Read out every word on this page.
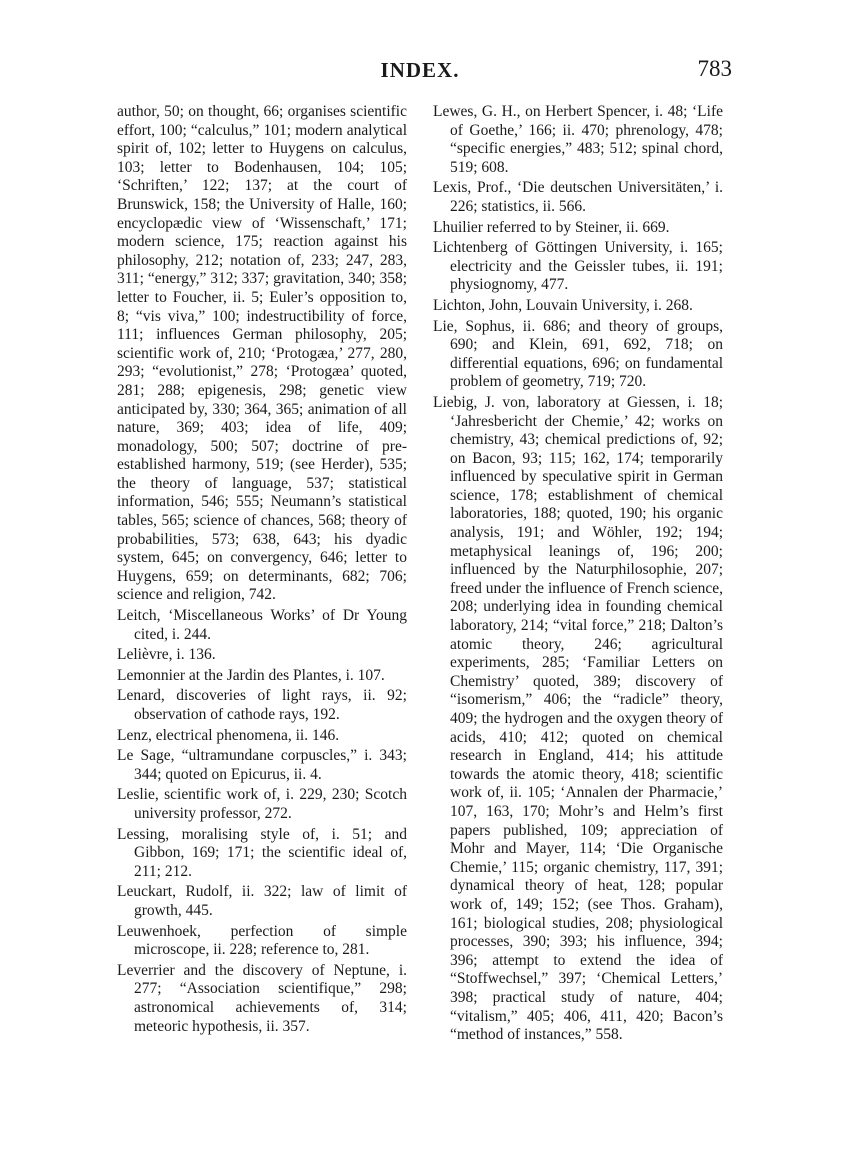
INDEX.	783

author, 50; on thought, 66; organises scientific effort, 100; “calculus,” 101; modern analytical spirit of, 102; letter to Huygens on calculus, 103; letter to Bodenhausen, 104; 105; ‘Schriften,’ 122; 137; at the court of Brunswick, 158; the University of Halle, 160; encyclopædic view of ‘Wissenschaft,’ 171; modern science, 175; reaction against his philosophy, 212; notation of, 233; 247, 283, 311; “energy,” 312; 337; gravitation, 340; 358; letter to Foucher, ii. 5; Euler’s opposition to, 8; “vis viva,” 100; indestructibility of force, 111; influences German philosophy, 205; scientific work of, 210; ‘Protogæa,’ 277, 280, 293; “evolutionist,” 278; ‘Protogæa’ quoted, 281; 288; epigenesis, 298; genetic view anticipated by, 330; 364, 365; animation of all nature, 369; 403; idea of life, 409; monadology, 500; 507; doctrine of pre-established harmony, 519; (see Herder), 535; the theory of language, 537; statistical information, 546; 555; Neumann’s statistical tables, 565; science of chances, 568; theory of probabilities, 573; 638, 643; his dyadic system, 645; on convergency, 646; letter to Huygens, 659; on determinants, 682; 706; science and religion, 742.

Leitch, ‘Miscellaneous Works’ of Dr Young cited, i. 244.

Lelièvre, i. 136.

Lemonnier at the Jardin des Plantes, i. 107.

Lenard, discoveries of light rays, ii. 92; observation of cathode rays, 192.

Lenz, electrical phenomena, ii. 146.

Le Sage, “ultramundane corpuscles,” i. 343; 344; quoted on Epicurus, ii. 4.

Leslie, scientific work of, i. 229, 230; Scotch university professor, 272.

Lessing, moralising style of, i. 51; and Gibbon, 169; 171; the scientific ideal of, 211; 212.

Leuckart, Rudolf, ii. 322; law of limit of growth, 445.

Leuwenhoek, perfection of simple microscope, ii. 228; reference to, 281.

Leverrier and the discovery of Neptune, i. 277; “Association scientifique,” 298; astronomical achievements of, 314; meteoric hypothesis, ii. 357.

Lewes, G. H., on Herbert Spencer, i. 48; ‘Life of Goethe,’ 166; ii. 470; phrenology, 478; “specific energies,” 483; 512; spinal chord, 519; 608.

Lexis, Prof., ‘Die deutschen Universitäten,’ i. 226; statistics, ii. 566.

Lhuilier referred to by Steiner, ii. 669.

Lichtenberg of Göttingen University, i. 165; electricity and the Geissler tubes, ii. 191; physiognomy, 477.

Lichton, John, Louvain University, i. 268.

Lie, Sophus, ii. 686; and theory of groups, 690; and Klein, 691, 692, 718; on differential equations, 696; on fundamental problem of geometry, 719; 720.

Liebig, J. von, laboratory at Giessen, i. 18; ‘Jahresbericht der Chemie,’ 42; works on chemistry, 43; chemical predictions of, 92; on Bacon, 93; 115; 162, 174; temporarily influenced by speculative spirit in German science, 178; establishment of chemical laboratories, 188; quoted, 190; his organic analysis, 191; and Wöhler, 192; 194; metaphysical leanings of, 196; 200; influenced by the Naturphilosophie, 207; freed under the influence of French science, 208; underlying idea in founding chemical laboratory, 214; “vital force,” 218; Dalton’s atomic theory, 246; agricultural experiments, 285; ‘Familiar Letters on Chemistry’ quoted, 389; discovery of “isomerism,” 406; the “radicle” theory, 409; the hydrogen and the oxygen theory of acids, 410; 412; quoted on chemical research in England, 414; his attitude towards the atomic theory, 418; scientific work of, ii. 105; ‘Annalen der Pharmacie,’ 107, 163, 170; Mohr’s and Helm’s first papers published, 109; appreciation of Mohr and Mayer, 114; ‘Die Organische Chemie,’ 115; organic chemistry, 117, 391; dynamical theory of heat, 128; popular work of, 149; 152; (see Thos. Graham), 161; biological studies, 208; physiological processes, 390; 393; his influence, 394; 396; attempt to extend the idea of “Stoffwechsel,” 397; ‘Chemical Letters,’ 398; practical study of nature, 404; “vitalism,” 405; 406, 411, 420; Bacon’s “method of instances,” 558.
